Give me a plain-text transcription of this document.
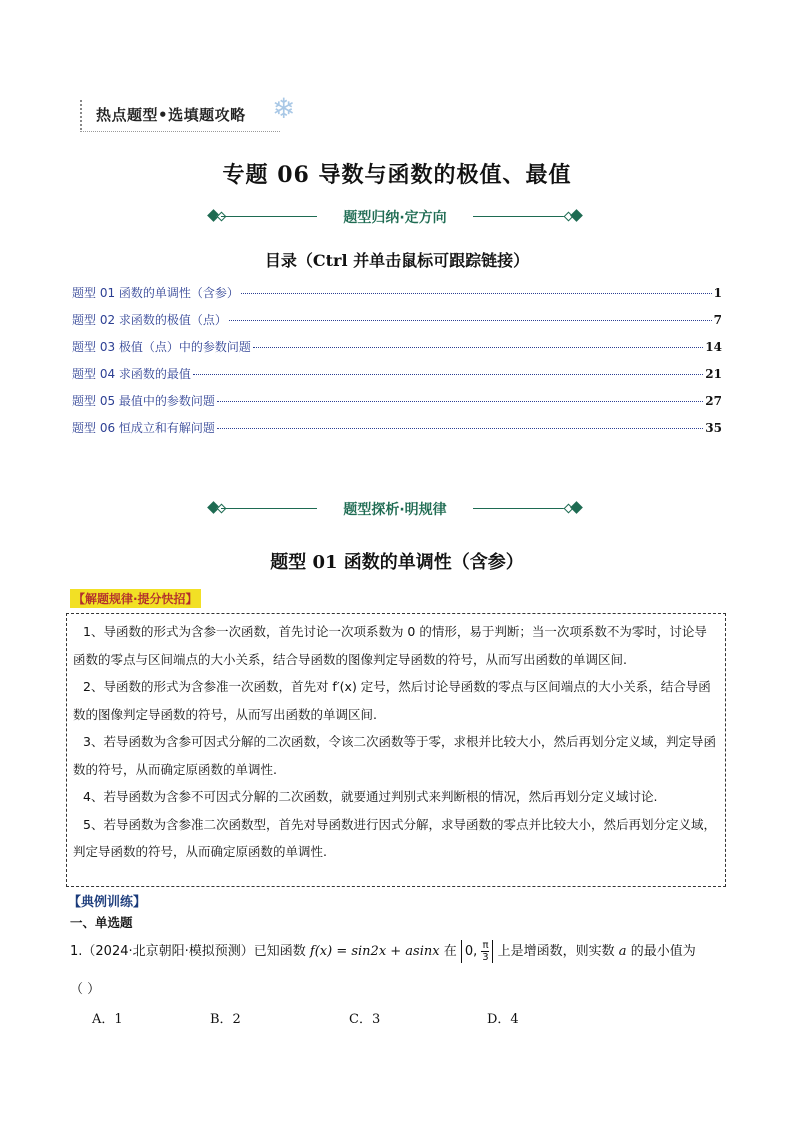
热点题型•选填题攻略 ❄
专题 06 导数与函数的极值、最值
题型归纳·定方向
目录（Ctrl 并单击鼠标可跟踪链接）
题型 01 函数的单调性（含参）	1
题型 02 求函数的极值（点）	7
题型 03 极值（点）中的参数问题	14
题型 04 求函数的最值	21
题型 05 最值中的参数问题	27
题型 06 恒成立和有解问题	35
题型探析·明规律
题型 01 函数的单调性（含参）
【解题规律·提分快招】

1、导函数的形式为含参一次函数，首先讨论一次项系数为 0 的情形，易于判断；当一次项系数不为零时，讨论导函数的零点与区间端点的大小关系，结合导函数的图像判定导函数的符号，从而写出函数的单调区间.

2、导函数的形式为含参准一次函数，首先对 f′(x) 定号，然后讨论导函数的零点与区间端点的大小关系，结合导函数的图像判定导函数的符号，从而写出函数的单调区间.

3、若导函数为含参可因式分解的二次函数，令该二次函数等于零，求根并比较大小，然后再划分定义域，判定导函数的符号，从而确定原函数的单调性.

4、若导函数为含参不可因式分解的二次函数，就要通过判别式来判断根的情况，然后再划分定义域讨论.

5、若导函数为含参准二次函数型，首先对导函数进行因式分解，求导函数的零点并比较大小，然后再划分定义域，判定导函数的符号，从而确定原函数的单调性.

【典例训练】
一、单选题
1.（2024·北京朝阳·模拟预测）已知函数 f(x) = sin2x + asinx 在 0, $\frac{\pi}{3}$ 上是增函数，则实数 a 的最小值为
（ ）
A．1	B．2	C．3	D．4
